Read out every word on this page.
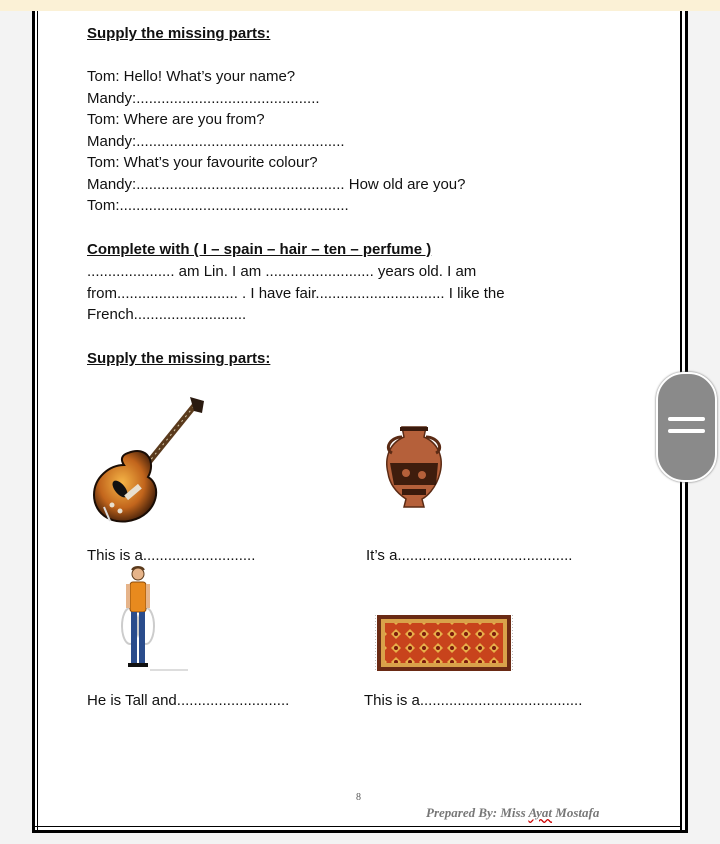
Supply the missing parts:
Tom: Hello! What’s your name?
Mandy:............................................
Tom: Where are you from?
Mandy:..................................................
Tom: What’s your favourite colour?
Mandy:.................................................. How old are you?
Tom:.......................................................
Complete with ( I – spain – hair – ten – perfume )
..................... am Lin. I am .......................... years old. I am
from............................. . I have fair............................... I like the
French...........................
Supply the missing parts:
This is a...........................	It’s a..........................................
He is Tall and...........................	This is a.......................................
8
Prepared By: Miss Ayat Mostafa
